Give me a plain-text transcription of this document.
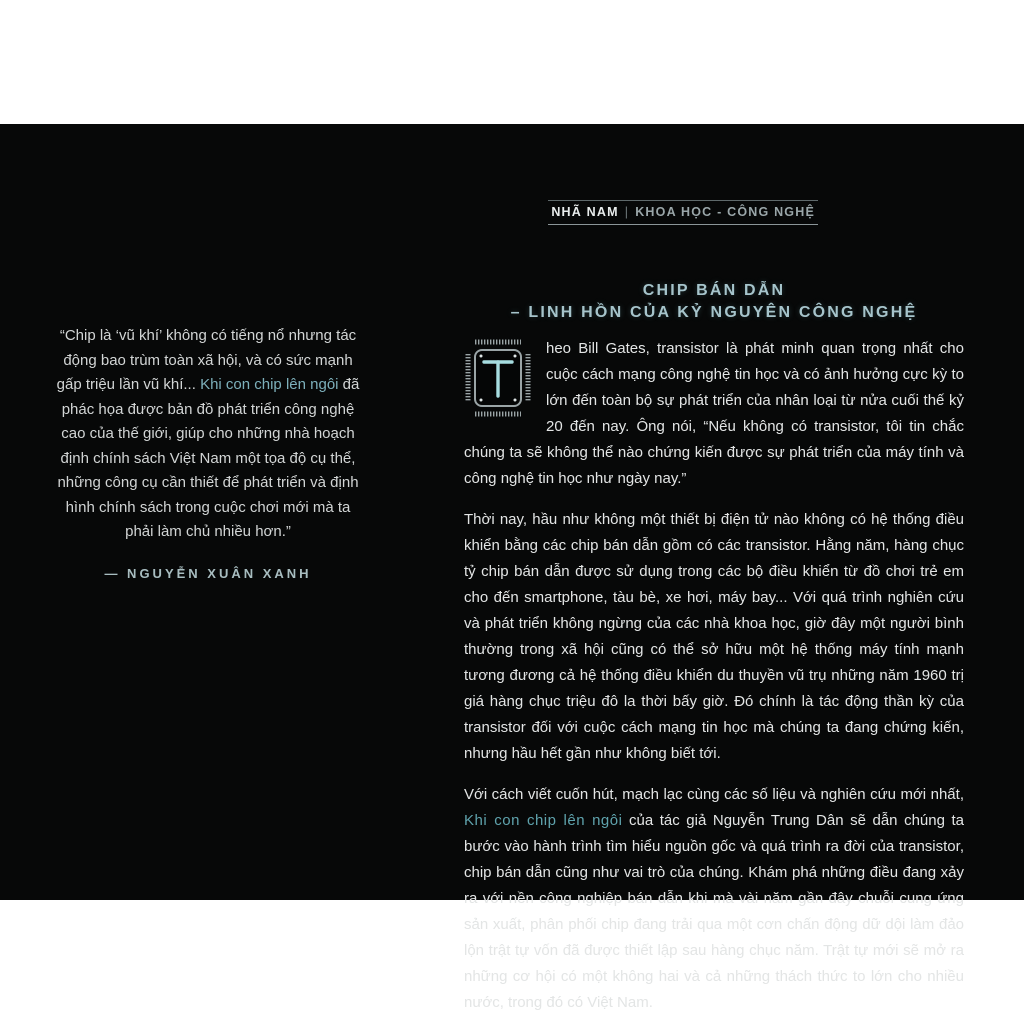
NHÃ NAM | KHOA HỌC - CÔNG NGHỆ
CHIP BÁN DẪN
– LINH HỒN CỦA KỶ NGUYÊN CÔNG NGHỆ
“Chip là ‘vũ khí’ không có tiếng nổ nhưng tác động bao trùm toàn xã hội, và có sức mạnh gấp triệu lần vũ khí... Khi con chip lên ngôi đã phác họa được bản đồ phát triển công nghệ cao của thế giới, giúp cho những nhà hoạch định chính sách Việt Nam một tọa độ cụ thể, những công cụ cần thiết để phát triển và định hình chính sách trong cuộc chơi mới mà ta phải làm chủ nhiều hơn.”
— NGUYỄN XUÂN XANH

heo Bill Gates, transistor là phát minh quan trọng nhất cho cuộc cách mạng công nghệ tin học và có ảnh hưởng cực kỳ to lớn đến toàn bộ sự phát triển của nhân loại từ nửa cuối thế kỷ 20 đến nay. Ông nói, “Nếu không có transistor, tôi tin chắc chúng ta sẽ không thể nào chứng kiến được sự phát triển của máy tính và công nghệ tin học như ngày nay.”

Thời nay, hầu như không một thiết bị điện tử nào không có hệ thống điều khiển bằng các chip bán dẫn gồm có các transistor. Hằng năm, hàng chục tỷ chip bán dẫn được sử dụng trong các bộ điều khiển từ đồ chơi trẻ em cho đến smartphone, tàu bè, xe hơi, máy bay... Với quá trình nghiên cứu và phát triển không ngừng của các nhà khoa học, giờ đây một người bình thường trong xã hội cũng có thể sở hữu một hệ thống máy tính mạnh tương đương cả hệ thống điều khiển du thuyền vũ trụ những năm 1960 trị giá hàng chục triệu đô la thời bấy giờ. Đó chính là tác động thần kỳ của transistor đối với cuộc cách mạng tin học mà chúng ta đang chứng kiến, nhưng hầu hết gần như không biết tới.

Với cách viết cuốn hút, mạch lạc cùng các số liệu và nghiên cứu mới nhất, Khi con chip lên ngôi của tác giả Nguyễn Trung Dân sẽ dẫn chúng ta bước vào hành trình tìm hiểu nguồn gốc và quá trình ra đời của transistor, chip bán dẫn cũng như vai trò của chúng. Khám phá những điều đang xảy ra với nền công nghiệp bán dẫn khi mà vài năm gần đây chuỗi cung ứng sản xuất, phân phối chip đang trải qua một cơn chấn động dữ dội làm đảo lộn trật tự vốn đã được thiết lập sau hàng chục năm. Trật tự mới sẽ mở ra những cơ hội có một không hai và cả những thách thức to lớn cho nhiều nước, trong đó có Việt Nam.
